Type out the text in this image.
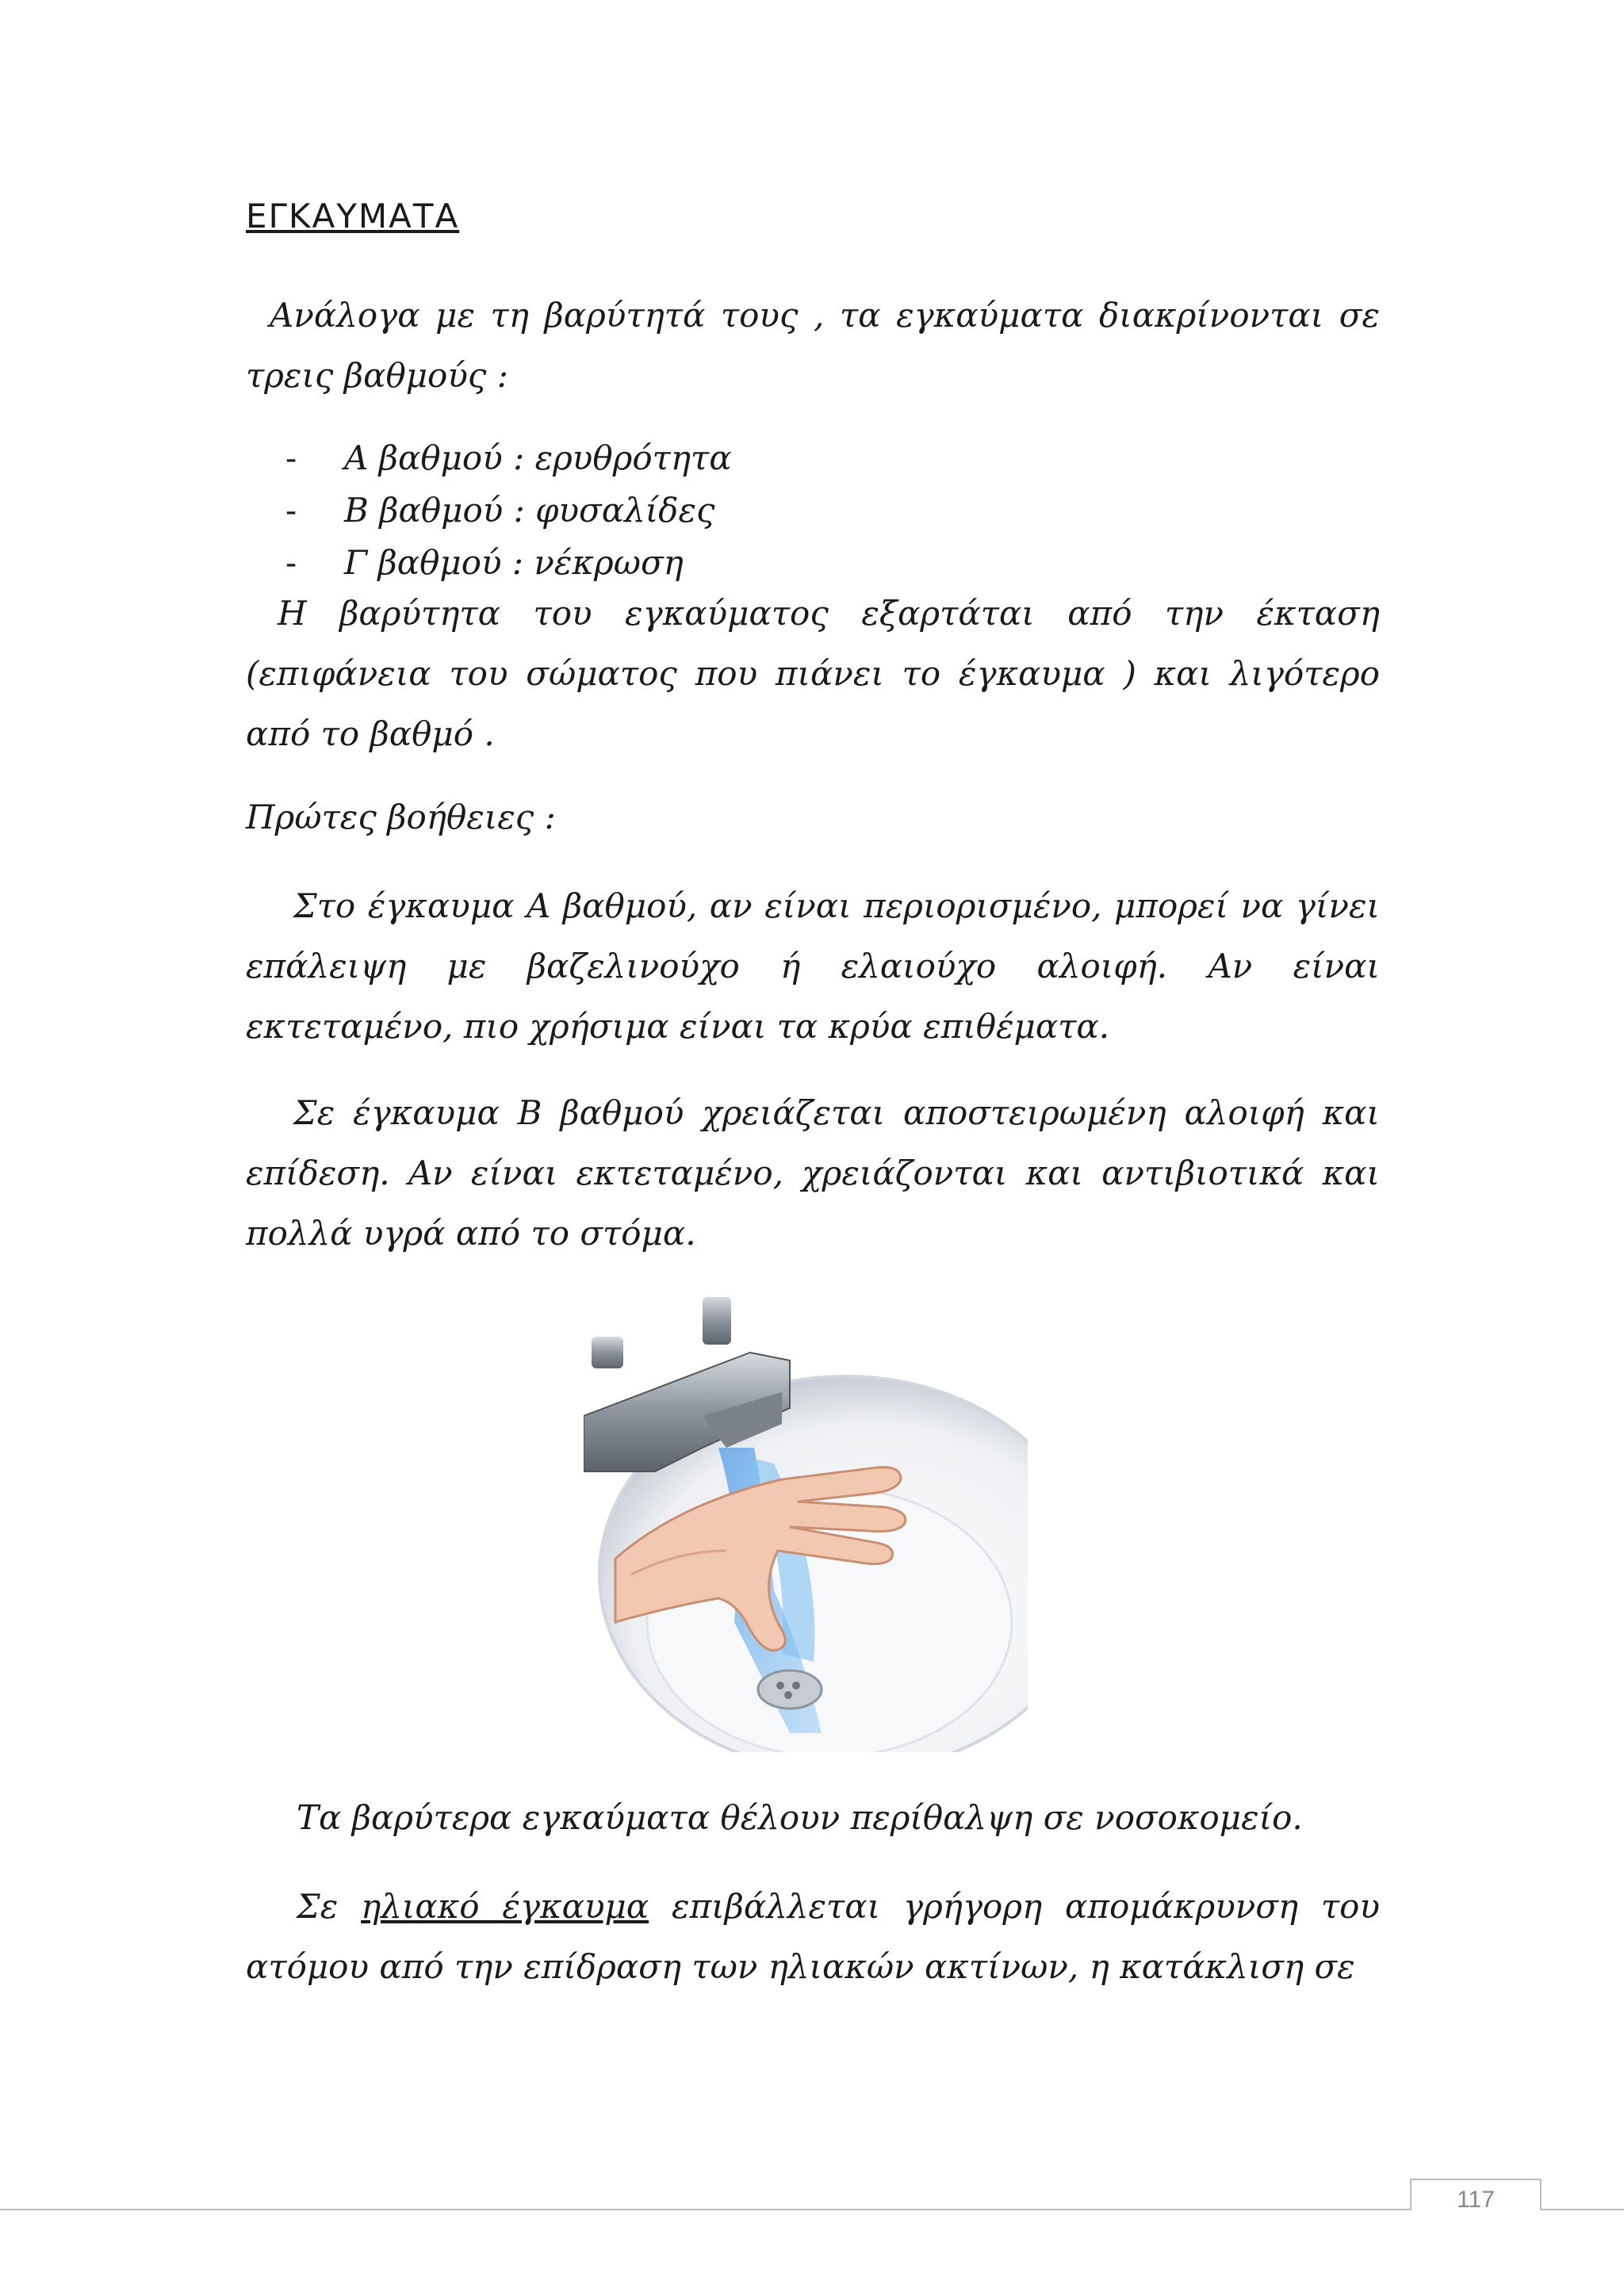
ΕΓΚΑΥΜΑΤΑ
Ανάλογα με τη βαρύτητά τους , τα εγκαύματα διακρίνονται σε τρεις βαθμούς :
- Α βαθμού : ερυθρότητα
- Β βαθμού : φυσαλίδες
- Γ βαθμού : νέκρωση
Η βαρύτητα του εγκαύματος εξαρτάται από την έκταση (επιφάνεια του σώματος που πιάνει το έγκαυμα ) και λιγότερο από το βαθμό .
Πρώτες βοήθειες :
Στο έγκαυμα Α βαθμού, αν είναι περιορισμένο, μπορεί να γίνει επάλειψη με βαζελινούχο ή ελαιούχο αλοιφή. Αν είναι εκτεταμένο, πιο χρήσιμα είναι τα κρύα επιθέματα.
Σε έγκαυμα Β βαθμού χρειάζεται αποστειρωμένη αλοιφή και επίδεση. Αν είναι εκτεταμένο, χρειάζονται και αντιβιοτικά και πολλά υγρά από το στόμα.
Τα βαρύτερα εγκαύματα θέλουν περίθαλψη σε νοσοκομείο.
Σε ηλιακό έγκαυμα επιβάλλεται γρήγορη απομάκρυνση του ατόμου από την επίδραση των ηλιακών ακτίνων, η κατάκλιση σε
117
